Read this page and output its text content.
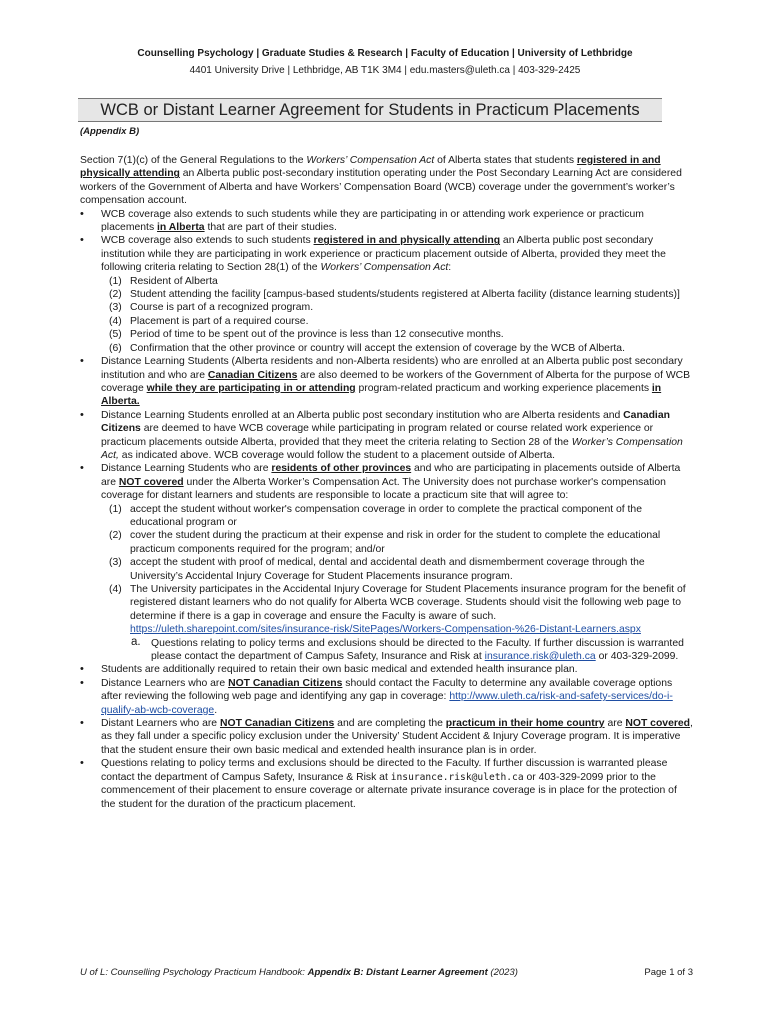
Counselling Psychology | Graduate Studies & Research | Faculty of Education | University of Lethbridge
4401 University Drive | Lethbridge, AB T1K 3M4 | edu.masters@uleth.ca | 403-329-2425
WCB or Distant Learner Agreement for Students in Practicum Placements
(Appendix B)

Section 7(1)(c) of the General Regulations to the Workers’ Compensation Act of Alberta states that students registered in and physically attending an Alberta public post-secondary institution operating under the Post Secondary Learning Act are considered workers of the Government of Alberta and have Workers’ Compensation Board (WCB) coverage under the government’s worker’s compensation account.

• WCB coverage also extends to such students while they are participating in or attending work experience or practicum placements in Alberta that are part of their studies.
• WCB coverage also extends to such students registered in and physically attending an Alberta public post secondary institution while they are participating in work experience or practicum placement outside of Alberta, provided they meet the following criteria relating to Section 28(1) of the Workers’ Compensation Act:
(1) Resident of Alberta
(2) Student attending the facility [campus-based students/students registered at Alberta facility (distance learning students)]
(3) Course is part of a recognized program.
(4) Placement is part of a required course.
(5) Period of time to be spent out of the province is less than 12 consecutive months.
(6) Confirmation that the other province or country will accept the extension of coverage by the WCB of Alberta.
• Distance Learning Students (Alberta residents and non-Alberta residents) who are enrolled at an Alberta public post secondary institution and who are Canadian Citizens are also deemed to be workers of the Government of Alberta for the purpose of WCB coverage while they are participating in or attending program-related practicum and working experience placements in Alberta.
• Distance Learning Students enrolled at an Alberta public post secondary institution who are Alberta residents and Canadian Citizens are deemed to have WCB coverage while participating in program related or course related work experience or practicum placements outside Alberta, provided that they meet the criteria relating to Section 28 of the Worker’s Compensation Act, as indicated above. WCB coverage would follow the student to a placement outside of Alberta.
• Distance Learning Students who are residents of other provinces and who are participating in placements outside of Alberta are NOT covered under the Alberta Worker’s Compensation Act. The University does not purchase worker's compensation coverage for distant learners and students are responsible to locate a practicum site that will agree to:
(1) accept the student without worker's compensation coverage in order to complete the practical component of the educational program or
(2) cover the student during the practicum at their expense and risk in order for the student to complete the educational practicum components required for the program; and/or
(3) accept the student with proof of medical, dental and accidental death and dismemberment coverage through the University’s Accidental Injury Coverage for Student Placements insurance program.
(4) The University participates in the Accidental Injury Coverage for Student Placements insurance program for the benefit of registered distant learners who do not qualify for Alberta WCB coverage. Students should visit the following web page to determine if there is a gap in coverage and ensure the Faculty is aware of such.
https://uleth.sharepoint.com/sites/insurance-risk/SitePages/Workers-Compensation-%26-Distant-Learners.aspx
a. Questions relating to policy terms and exclusions should be directed to the Faculty. If further discussion is warranted please contact the department of Campus Safety, Insurance and Risk at insurance.risk@uleth.ca or 403-329-2099.
• Students are additionally required to retain their own basic medical and extended health insurance plan.
• Distance Learners who are NOT Canadian Citizens should contact the Faculty to determine any available coverage options after reviewing the following web page and identifying any gap in coverage: http://www.uleth.ca/risk-and-safety-services/do-i-qualify-ab-wcb-coverage.
• Distant Learners who are NOT Canadian Citizens and are completing the practicum in their home country are NOT covered, as they fall under a specific policy exclusion under the University’ Student Accident & Injury Coverage program. It is imperative that the student ensure their own basic medical and extended health insurance plan is in order.
• Questions relating to policy terms and exclusions should be directed to the Faculty. If further discussion is warranted please contact the department of Campus Safety, Insurance & Risk at insurance.risk@uleth.ca or 403-329-2099 prior to the commencement of their placement to ensure coverage or alternate private insurance coverage is in place for the protection of the student for the duration of the practicum placement.
U of L: Counselling Psychology Practicum Handbook: Appendix B: Distant Learner Agreement (2023)	Page 1 of 3
